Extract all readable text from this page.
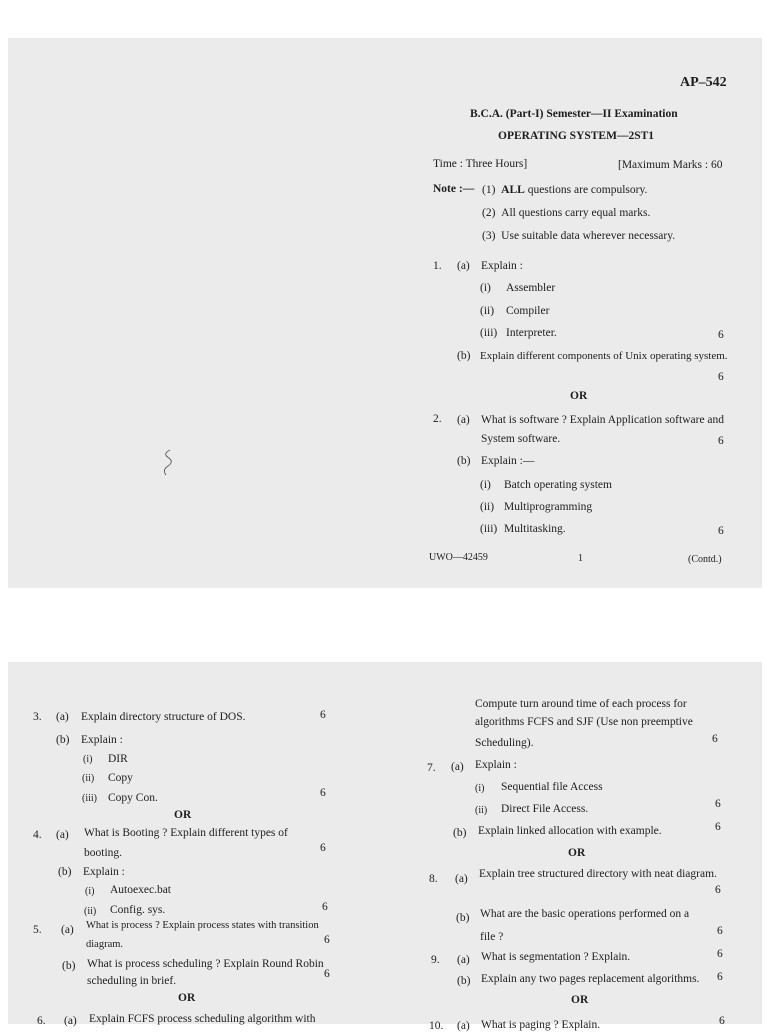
AP–542
B.C.A. (Part-I) Semester—II Examination
OPERATING SYSTEM—2ST1
Time : Three Hours]	[Maximum Marks : 60
Note :— (1) ALL questions are compulsory.
(2) All questions carry equal marks.
(3) Use suitable data wherever necessary.
1. (a) Explain :
(i) Assembler
(ii) Compiler
(iii) Interpreter.	6
(b) Explain different components of Unix operating system.
6
OR
2. (a) What is software ? Explain Application software and
System software.	6
(b) Explain :—
(i) Batch operating system
(ii) Multiprogramming
(iii) Multitasking.	6
UWO—42459	1	(Contd.)
3. (a) Explain directory structure of DOS.	6
(b) Explain :
(i) DIR
(ii) Copy
(iii) Copy Con.	6
OR
4. (a) What is Booting ? Explain different types of
booting.	6
(b) Explain :
(i) Autoexec.bat
(ii) Config. sys.	6
5. (a) What is process ? Explain process states with transition
diagram.	6
(b) What is process scheduling ? Explain Round Robin
scheduling in brief.
6
OR
6. (a) Explain FCFS process scheduling algorithm with
Compute turn around time of each process for
algorithms FCFS and SJF (Use non preemptive
Scheduling).	6
7. (a) Explain :
(i) Sequential file Access
(ii) Direct File Access.	6
(b) Explain linked allocation with example.	6
OR
8. (a) Explain tree structured directory with neat diagram.
6
(b) What are the basic operations performed on a
file ?	6
9. (a) What is segmentation ? Explain.	6
(b) Explain any two pages replacement algorithms. 6
OR
10. (a) What is paging ? Explain.	6
